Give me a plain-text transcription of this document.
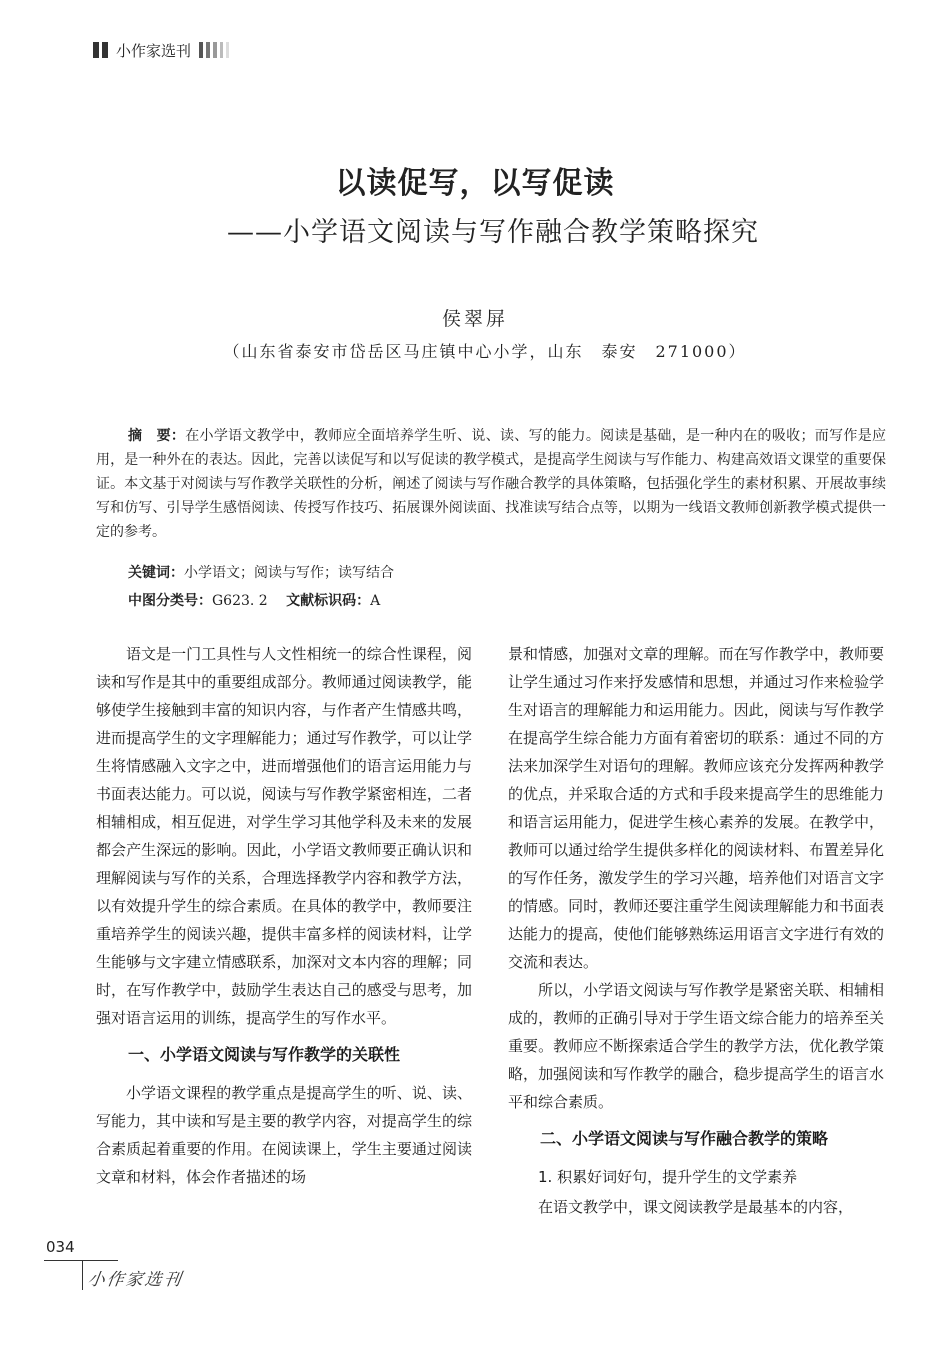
小作家选刊
以读促写，以写促读
——小学语文阅读与写作融合教学策略探究
侯翠屏
（山东省泰安市岱岳区马庄镇中心小学，山东　泰安　271000）
摘　要：在小学语文教学中，教师应全面培养学生听、说、读、写的能力。阅读是基础，是一种内在的吸收；而写作是应用，是一种外在的表达。因此，完善以读促写和以写促读的教学模式，是提高学生阅读与写作能力、构建高效语文课堂的重要保证。本文基于对阅读与写作教学关联性的分析，阐述了阅读与写作融合教学的具体策略，包括强化学生的素材积累、开展故事续写和仿写、引导学生感悟阅读、传授写作技巧、拓展课外阅读面、找准读写结合点等，以期为一线语文教师创新教学模式提供一定的参考。
关键词：小学语文；阅读与写作；读写结合
中图分类号：G623. 2 文献标识码：A

语文是一门工具性与人文性相统一的综合性课程，阅读和写作是其中的重要组成部分。教师通过阅读教学，能够使学生接触到丰富的知识内容，与作者产生情感共鸣，进而提高学生的文字理解能力；通过写作教学，可以让学生将情感融入文字之中，进而增强他们的语言运用能力与书面表达能力。可以说，阅读与写作教学紧密相连，二者相辅相成，相互促进，对学生学习其他学科及未来的发展都会产生深远的影响。因此，小学语文教师要正确认识和理解阅读与写作的关系，合理选择教学内容和教学方法，以有效提升学生的综合素质。在具体的教学中，教师要注重培养学生的阅读兴趣，提供丰富多样的阅读材料，让学生能够与文字建立情感联系，加深对文本内容的理解；同时，在写作教学中，鼓励学生表达自己的感受与思考，加强对语言运用的训练，提高学生的写作水平。

一、小学语文阅读与写作教学的关联性

小学语文课程的教学重点是提高学生的听、说、读、写能力，其中读和写是主要的教学内容，对提高学生的综合素质起着重要的作用。在阅读课上，学生主要通过阅读文章和材料，体会作者描述的场

景和情感，加强对文章的理解。而在写作教学中，教师要让学生通过习作来抒发感情和思想，并通过习作来检验学生对语言的理解能力和运用能力。因此，阅读与写作教学在提高学生综合能力方面有着密切的联系：通过不同的方法来加深学生对语句的理解。教师应该充分发挥两种教学的优点，并采取合适的方式和手段来提高学生的思维能力和语言运用能力，促进学生核心素养的发展。在教学中，教师可以通过给学生提供多样化的阅读材料、布置差异化的写作任务，激发学生的学习兴趣，培养他们对语言文字的情感。同时，教师还要注重学生阅读理解能力和书面表达能力的提高，使他们能够熟练运用语言文字进行有效的交流和表达。

所以，小学语文阅读与写作教学是紧密关联、相辅相成的，教师的正确引导对于学生语文综合能力的培养至关重要。教师应不断探索适合学生的教学方法，优化教学策略，加强阅读和写作教学的融合，稳步提高学生的语言水平和综合素质。

二、小学语文阅读与写作融合教学的策略
1. 积累好词好句，提升学生的文学素养

在语文教学中，课文阅读教学是最基本的内容，

034
小作家选刊
